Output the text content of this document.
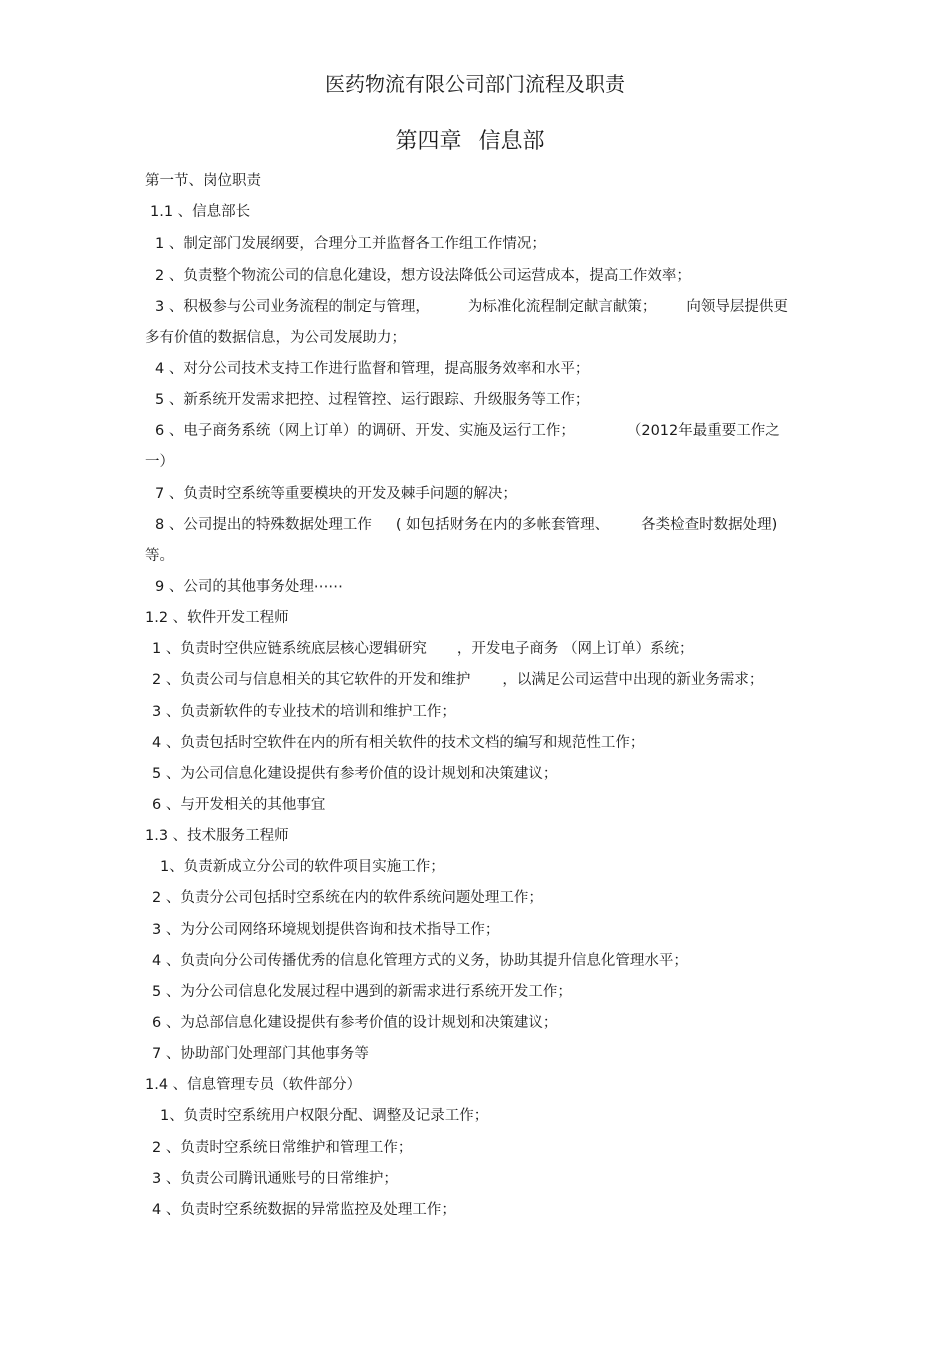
医药物流有限公司部门流程及职责
第四章 信息部
第一节、岗位职责
1.1 、信息部长
1 、制定部门发展纲要，合理分工并监督各工作组工作情况；
2 、负责整个物流公司的信息化建设，想方设法降低公司运营成本，提高工作效率；
3 、积极参与公司业务流程的制定与管理，	为标准化流程制定献言献策； 向领导层提供更
多有价值的数据信息，为公司发展助力；
4 、对分公司技术支持工作进行监督和管理，提高服务效率和水平；
5 、新系统开发需求把控、过程管控、运行跟踪、升级服务等工作；
6 、电子商务系统（网上订单）的调研、开发、实施及运行工作；	（2012年最重要工作之
一）
7 、负责时空系统等重要模块的开发及棘手问题的解决；
8 、公司提出的特殊数据处理工作 ( 如包括财务在内的多帐套管理、 各类检查时数据处理)
等。
9 、公司的其他事务处理⋯⋯
1.2 、软件开发工程师
1 、负责时空供应链系统底层核心逻辑研究 ，开发电子商务 （网上订单）系统；
2 、负责公司与信息相关的其它软件的开发和维护 ，以满足公司运营中出现的新业务需求；
3 、负责新软件的专业技术的培训和维护工作；
4 、负责包括时空软件在内的所有相关软件的技术文档的编写和规范性工作；
5 、为公司信息化建设提供有参考价值的设计规划和决策建议；
6 、与开发相关的其他事宜
1.3 、技术服务工程师
1、负责新成立分公司的软件项目实施工作；
2 、负责分公司包括时空系统在内的软件系统问题处理工作；
3 、为分公司网络环境规划提供咨询和技术指导工作；
4 、负责向分公司传播优秀的信息化管理方式的义务，协助其提升信息化管理水平；
5 、为分公司信息化发展过程中遇到的新需求进行系统开发工作；
6 、为总部信息化建设提供有参考价值的设计规划和决策建议；
7 、协助部门处理部门其他事务等
1.4 、信息管理专员（软件部分）
1、负责时空系统用户权限分配、调整及记录工作；
2 、负责时空系统日常维护和管理工作；
3 、负责公司腾讯通账号的日常维护；
4 、负责时空系统数据的异常监控及处理工作；
